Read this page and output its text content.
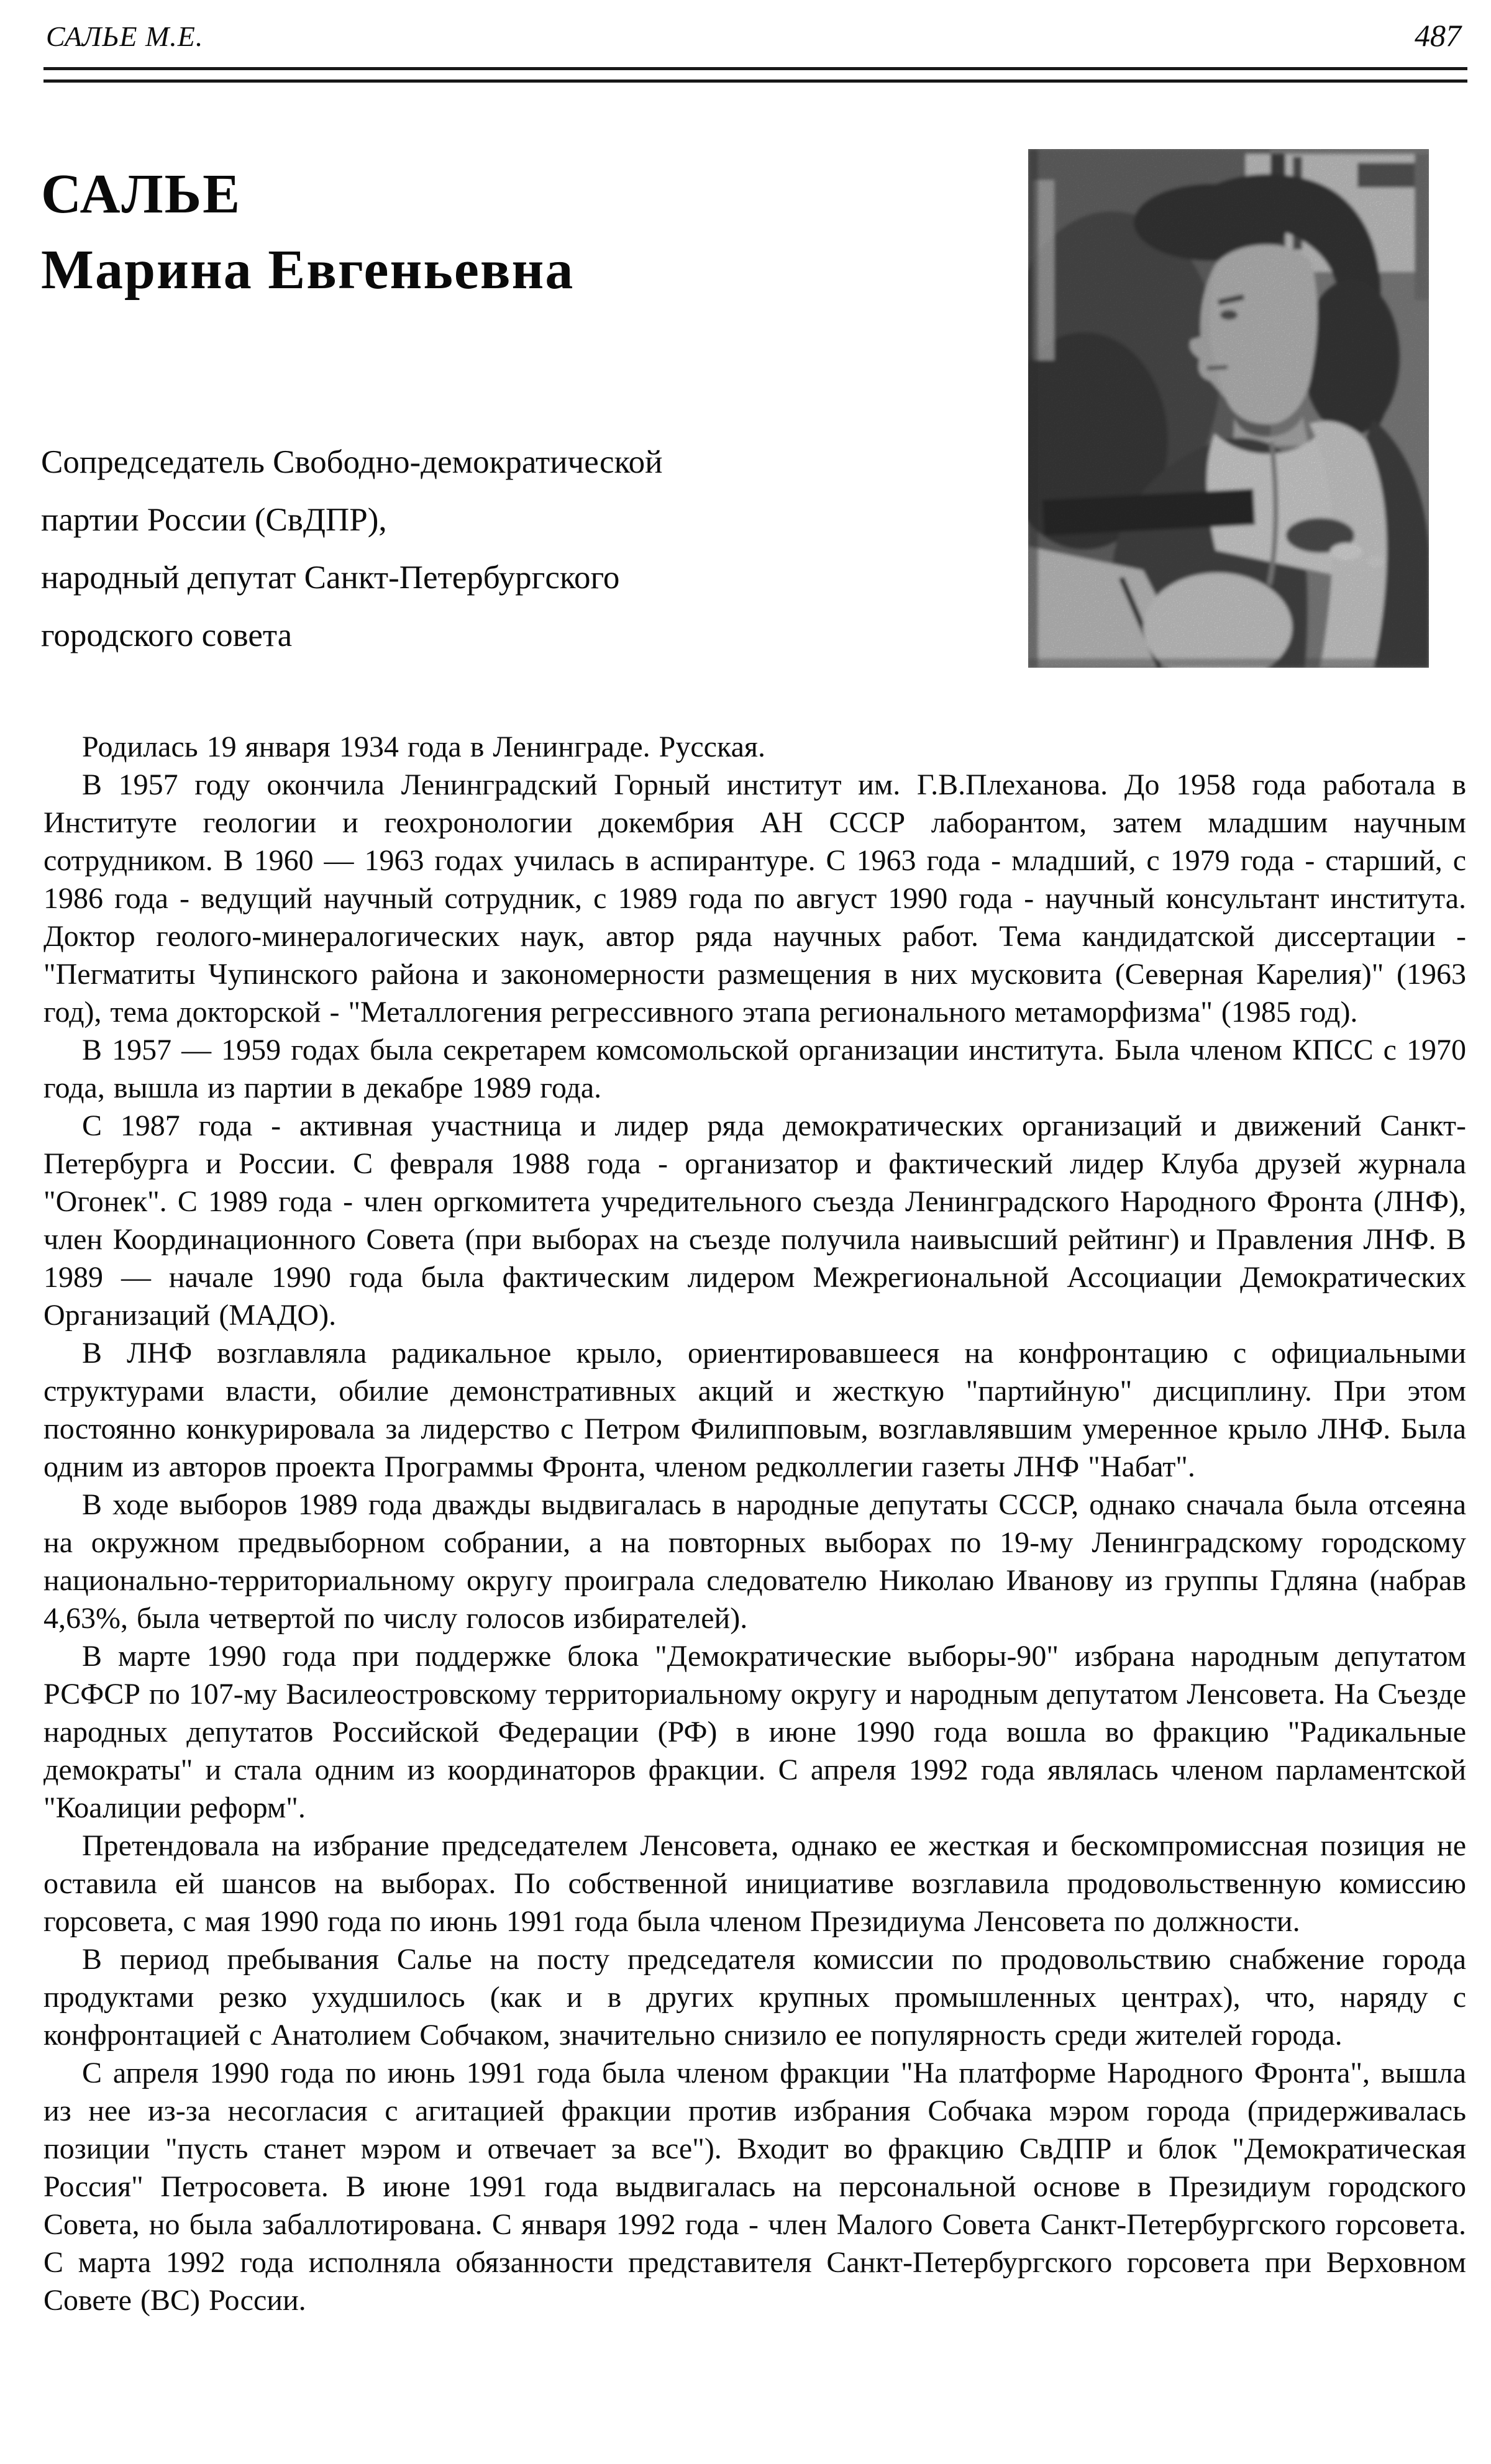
САЛЬЕ М.Е.	487
САЛЬЕ
Марина Евгеньевна
Сопредседатель Свободно-демократической
партии России (СвДПР),
народный депутат Санкт-Петербургского
городского совета

Родилась 19 января 1934 года в Ленинграде. Русская.

В 1957 году окончила Ленинградский Горный институт им. Г.В.Плеханова. До 1958 года работала в Институте геологии и геохронологии докембрия АН СССР лаборантом, затем младшим научным сотрудником. В 1960 — 1963 годах училась в аспирантуре. С 1963 года - младший, с 1979 года - старший, с 1986 года - ведущий научный сотрудник, с 1989 года по август 1990 года - научный консультант института. Доктор геолого-минералогических наук, автор ряда научных работ. Тема кандидатской диссертации - "Пегматиты Чупинского района и закономерности размещения в них мусковита (Северная Карелия)" (1963 год), тема докторской - "Металлогения регрессивного этапа регионального метаморфизма" (1985 год).

В 1957 — 1959 годах была секретарем комсомольской организации института. Была членом КПСС с 1970 года, вышла из партии в декабре 1989 года.

С 1987 года - активная участница и лидер ряда демократических организаций и движений Санкт-Петербурга и России. С февраля 1988 года - организатор и фактический лидер Клуба друзей журнала "Огонек". С 1989 года - член оргкомитета учредительного съезда Ленинградского Народного Фронта (ЛНФ), член Координационного Совета (при выборах на съезде получила наивысший рейтинг) и Правления ЛНФ. В 1989 — начале 1990 года была фактическим лидером Межрегиональной Ассоциации Демократических Организаций (МАДО).

В ЛНФ возглавляла радикальное крыло, ориентировавшееся на конфронтацию с официальными структурами власти, обилие демонстративных акций и жесткую "партийную" дисциплину. При этом постоянно конкурировала за лидерство с Петром Филипповым, возглавлявшим умеренное крыло ЛНФ. Была одним из авторов проекта Программы Фронта, членом редколлегии газеты ЛНФ "Набат".

В ходе выборов 1989 года дважды выдвигалась в народные депутаты СССР, однако сначала была отсеяна на окружном предвыборном собрании, а на повторных выборах по 19-му Ленинградскому городскому национально-территориальному округу проиграла следователю Николаю Иванову из группы Гдляна (набрав 4,63%, была четвертой по числу голосов избирателей).

В марте 1990 года при поддержке блока "Демократические выборы-90" избрана народным депутатом РСФСР по 107-му Василеостровскому территориальному округу и народным депутатом Ленсовета. На Съезде народных депутатов Российской Федерации (РФ) в июне 1990 года вошла во фракцию "Радикальные демократы" и стала одним из координаторов фракции. С апреля 1992 года являлась членом парламентской "Коалиции реформ".

Претендовала на избрание председателем Ленсовета, однако ее жесткая и бескомпромиссная позиция не оставила ей шансов на выборах. По собственной инициативе возглавила продовольственную комиссию горсовета, с мая 1990 года по июнь 1991 года была членом Президиума Ленсовета по должности.

В период пребывания Салье на посту председателя комиссии по продовольствию снабжение города продуктами резко ухудшилось (как и в других крупных промышленных центрах), что, наряду с конфронтацией с Анатолием Собчаком, значительно снизило ее популярность среди жителей города.

С апреля 1990 года по июнь 1991 года была членом фракции "На платформе Народного Фронта", вышла из нее из-за несогласия с агитацией фракции против избрания Собчака мэром города (придерживалась позиции "пусть станет мэром и отвечает за все"). Входит во фракцию СвДПР и блок "Демократическая Россия" Петросовета. В июне 1991 года выдвигалась на персональной основе в Президиум городского Совета, но была забаллотирована. С января 1992 года - член Малого Совета Санкт-Петербургского горсовета. С марта 1992 года исполняла обязанности представителя Санкт-Петербургского горсовета при Верховном Совете (ВС) России.
